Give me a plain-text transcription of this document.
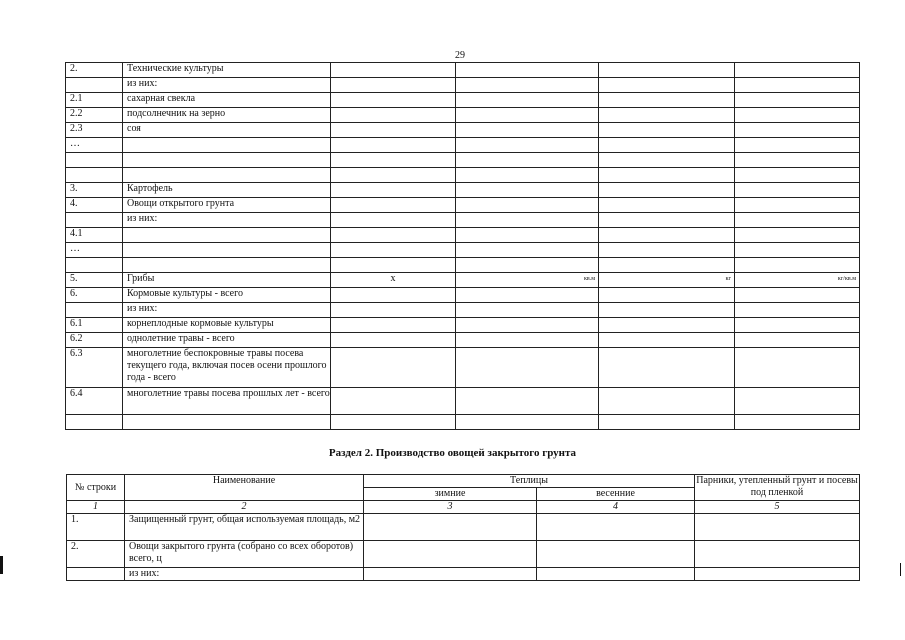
29
2.	Технические культуры				
	из них:				
2.1	сахарная свекла				
2.2	подсолнечник на зерно				
2.3	соя				
…					

3.	Картофель				
4.	Овощи открытого грунта				
	из них:				
4.1					
…					

5.	Грибы	х	кв.м	кг	кг/кв.м
6.	Кормовые культуры - всего				
	из них:				
6.1	корнеплодные кормовые культуры				
6.2	однолетние травы - всего				
6.3	многолетние беспокровные травы посева текущего года, включая посев осени прошлого года - всего				
6.4	многолетние травы посева прошлых лет - всего				

Раздел 2. Производство овощей закрытого грунта
№ строки	Наименование	Теплицы		Парники, утепленный грунт и посевы под пленкой
		зимние	весенние	
1	2	3	4	5
1.	Защищенный грунт, общая используемая площадь, м2			
2.	Овощи закрытого грунта (собрано со всех оборотов) всего, ц			
	из них:			
